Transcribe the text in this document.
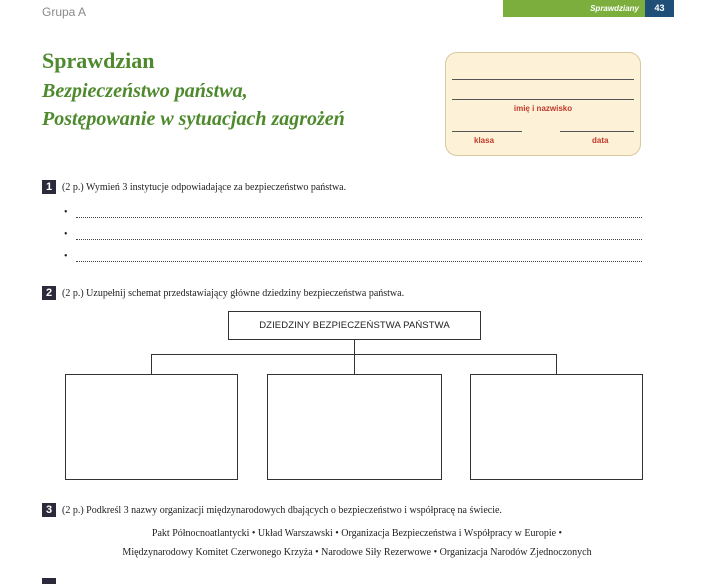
Grupa A	Sprawdziany	43
Sprawdzian
Bezpieczeństwo państwa,
Postępowanie w sytuacjach zagrożeń	imię i nazwisko
klasa	data
1 (2 p.) Wymień 3 instytucje odpowiadające za bezpieczeństwo państwa.
•
•
•
2 (2 p.) Uzupełnij schemat przedstawiający główne dziedziny bezpieczeństwa państwa.
DZIEDZINY BEZPIECZEŃSTWA PAŃSTWA
3 (2 p.) Podkreśl 3 nazwy organizacji międzynarodowych dbających o bezpieczeństwo i współpracę na świecie.
Pakt Północnoatlantycki • Układ Warszawski • Organizacja Bezpieczeństwa i Współpracy w Europie •
Międzynarodowy Komitet Czerwonego Krzyża • Narodowe Siły Rezerwowe • Organizacja Narodów Zjednoczonych
